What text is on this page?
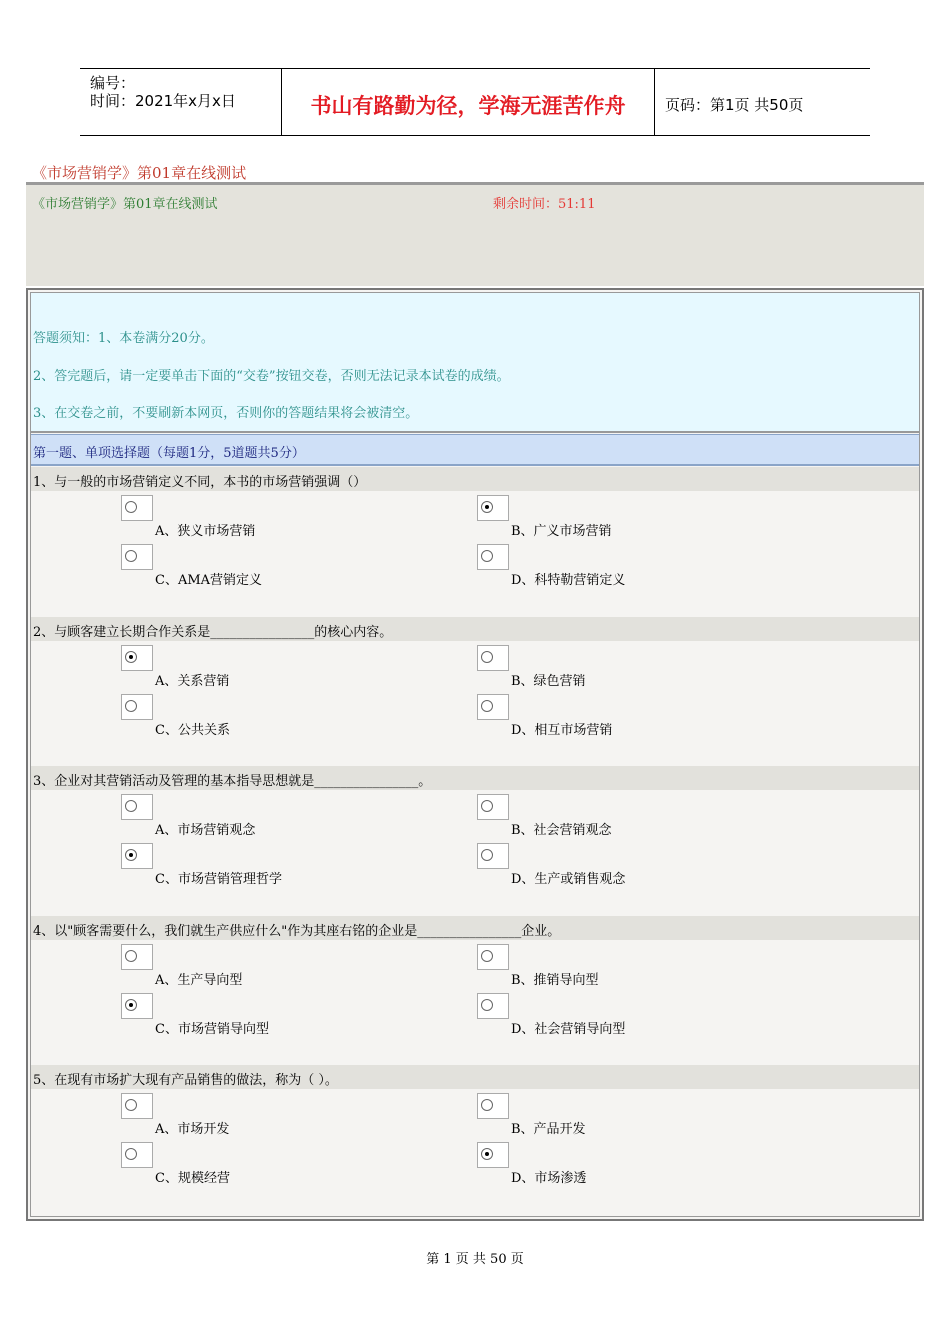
编号：
时间：2021年x月x日	书山有路勤为径，学海无涯苦作舟	页码：第1页 共50页
《市场营销学》第01章在线测试
《市场营销学》第01章在线测试	剩余时间：51:11
答题须知：1、本卷满分20分。
2、答完题后，请一定要单击下面的“交卷”按钮交卷，否则无法记录本试卷的成绩。
3、在交卷之前，不要刷新本网页，否则你的答题结果将会被清空。
第一题、单项选择题（每题1分，5道题共5分）
1、与一般的市场营销定义不同，本书的市场营销强调（）
A、狭义市场营销	B、广义市场营销
C、AMA营销定义	D、科特勒营销定义
2、与顾客建立长期合作关系是________________的核心内容。
A、关系营销	B、绿色营销
C、公共关系	D、相互市场营销
3、企业对其营销活动及管理的基本指导思想就是________________。
A、市场营销观念	B、社会营销观念
C、市场营销管理哲学	D、生产或销售观念
4、以"顾客需要什么，我们就生产供应什么"作为其座右铭的企业是________________企业。
A、生产导向型	B、推销导向型
C、市场营销导向型	D、社会营销导向型
5、在现有市场扩大现有产品销售的做法，称为（ ）。
A、市场开发	B、产品开发
C、规模经营	D、市场渗透
第 1 页 共 50 页
